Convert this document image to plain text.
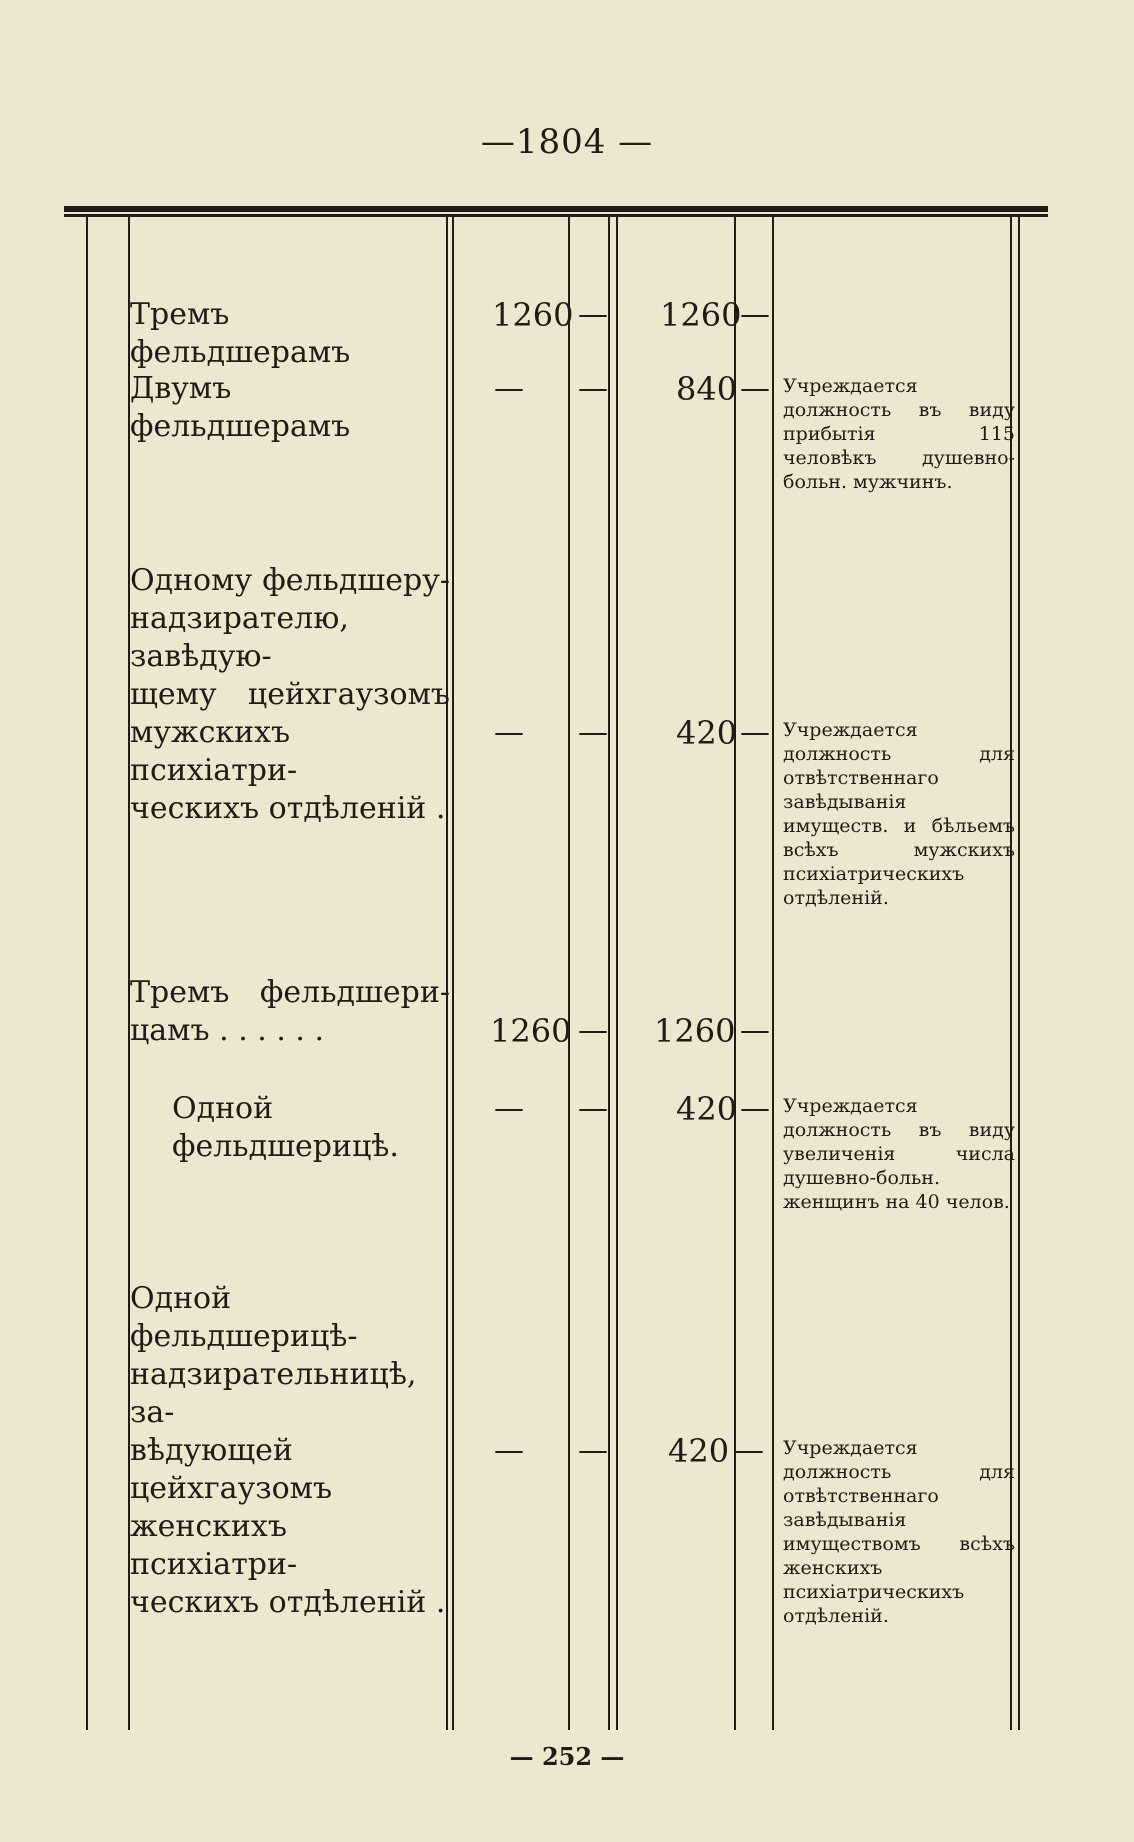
—1804 —
Тремъ фельдшерамъ
1260 — 1260
—
Двумъ фельдшерамъ
— — 840 — Учреждается должность въ виду прибытія 115 человѣкъ душевно-больн. мужчинъ.
Одному фельдшеру-
надзирателю, завѣдую-
щему цейхгаузомъ
мужскихъ психіатри-
ческихъ отдѣленій .
— — 420 — Учреждается должность для отвѣтственнаго завѣдыванія имуществ. и бѣльемъ всѣхъ мужскихъ психіатрическихъ отдѣленій.
Тремъ фельдшери-
цамъ . . . . . .	1260 — 1260 —
Одной фельдшерицѣ.
— — 420 — Учреждается должность въ виду увеличенія числа душевно-больн. женщинъ на 40 челов.
Одной фельдшерицѣ-
надзирательницѣ, за-
вѣдующей цейхгаузомъ
женскихъ психіатри-
ческихъ отдѣленій .
— — 420 — Учреждается должность для отвѣтственнаго завѣдыванія имуществомъ всѣхъ женскихъ психіатрическихъ отдѣленій.
— 252 —
